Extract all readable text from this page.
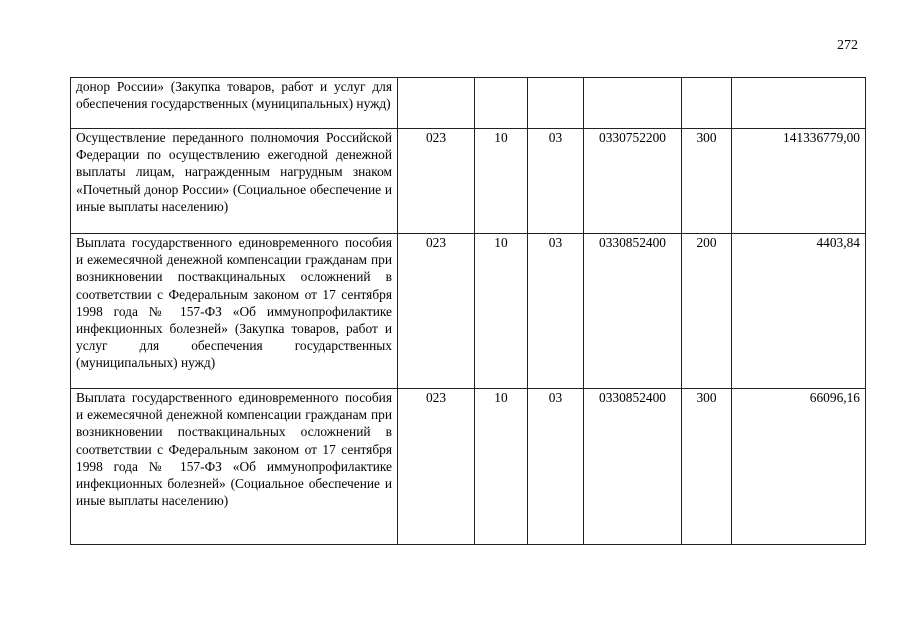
272
донор России» (Закупка товаров, работ и услуг для обеспечения государственных (муниципальных) нужд)						
Осуществление переданного полномочия Российской Федерации по осуществлению ежегодной денежной выплаты лицам, награжденным нагрудным знаком «Почетный донор России» (Социальное обеспечение и иные выплаты населению)	023	10	03	0330752200	300	141336779,00
Выплата государственного единовременного пособия и ежемесячной денежной компенсации гражданам при возникновении поствакцинальных осложнений в соответствии с Федеральным законом от 17 сентября 1998 года № 157-ФЗ «Об иммунопрофилактике инфекционных болезней» (Закупка товаров, работ и услуг для обеспечения государственных (муниципальных) нужд)	023	10	03	0330852400	200	4403,84
Выплата государственного единовременного пособия и ежемесячной денежной компенсации гражданам при возникновении поствакцинальных осложнений в соответствии с Федеральным законом от 17 сентября 1998 года № 157-ФЗ «Об иммунопрофилактике инфекционных болезней» (Социальное обеспечение и иные выплаты населению)	023	10	03	0330852400	300	66096,16
